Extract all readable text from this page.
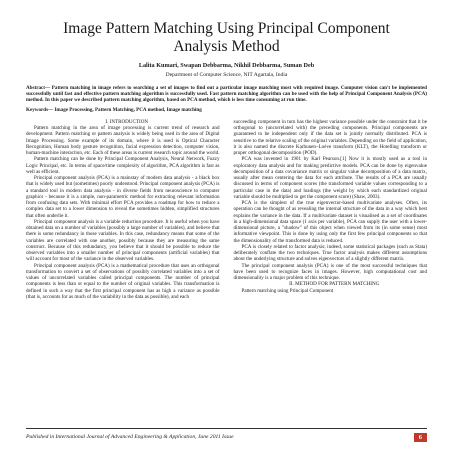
Image Pattern Matching Using Principal Component
Analysis Method
Lalita Kumari, Swapan Debbarma, Nikhil Debbarma, Suman Deb
Department of Computer Science, NIT Agartala, India
Abstract— Pattern matching in image refers to searching a set of images to find out a particular image matching most with required image. Computer vision can't be implemented successfully until fast and effective pattern matching algorithm is successfully used. Fast pattern matching algorithm can be used with the help of Principal Component Analysis (PCA) method. In this paper we described pattern matching algorithm, based on PCA method, which is less time consuming at run time.
Keywords— Image Processing, Pattern Matching, PCA method, Image matching

I. INTRODUCTION

Pattern matching in the area of image processing is current trend of research and development. Pattern matching or pattern analysis is widely being used in the area of Digital Image Processing. Some example of its domain, where it is used is Optical Character Recognition, Human body gesture recognition, facial expression detection, computer vision, human-machine interaction, etc. Each of these areas is current research topic around the world.

Pattern matching can be done by Principal Component Analysis, Neural Network, Fuzzy Logic Principal, etc. In terms of space/time complexity of algorithm, PCA algorithm is fast as well as efficient.

Principal component analysis (PCA) is a mainstay of modern data analysis - a black box that is widely used but (sometimes) poorly understood. Principal component analysis (PCA) is a standard tool in modern data analysis - in diverse fields from neuroscience to computer graphics - because it is a simple, non-parametric method for extracting relevant information from confusing data sets. With minimal effort PCA provides a roadmap for how to reduce a complex data set to a lower dimension to reveal the sometimes hidden, simplified structures that often underlie it.

Principal component analysis is a variable reduction procedure. It is useful when you have obtained data on a number of variables (possibly a large number of variables), and believe that there is some redundancy in those variables. In this case, redundancy means that some of the variables are correlated with one another, possibly because they are measuring the same construct. Because of this redundancy, you believe that it should be possible to reduce the observed variables into a smaller number of principal components (artificial variables) that will account for most of the variance in the observed variables.

Principal component analysis (PCA) is a mathematical procedure that uses an orthogonal transformation to convert a set of observations of possibly correlated variables into a set of values of uncorrelated variables called principal components. The number of principal components is less than or equal to the number of original variables. This transformation is defined in such a way that the first principal component has as high a variance as possible (that is, accounts for as much of the variability in the data as possible), and each

succeeding component in turn has the highest variance possible under the constraint that it be orthogonal to (uncorrelated with) the preceding components. Principal components are guaranteed to be independent only if the data set is jointly normally distributed. PCA is sensitive to the relative scaling of the original variables. Depending on the field of application, it is also named the discrete Karhunen–Loève transform (KLT), the Hotelling transform or proper orthogonal decomposition (POD).

PCA was invented in 1901 by Karl Pearson.[1] Now it is mostly used as a tool in exploratory data analysis and for making predictive models. PCA can be done by eigenvalue decomposition of a data covariance matrix or singular value decomposition of a data matrix, usually after mean centering the data for each attribute. The results of a PCA are usually discussed in terms of component scores (the transformed variable values corresponding to a particular case in the data) and loadings (the weight by which each standardized original variable should be multiplied to get the component score) (Shaw, 2003).

PCA is the simplest of the true eigenvector-based multivariate analyses. Often, its operation can be thought of as revealing the internal structure of the data in a way which best explains the variance in the data. If a multivariate dataset is visualised as a set of coordinates in a high-dimensional data space (1 axis per variable), PCA can supply the user with a lower-dimensional picture, a "shadow" of this object when viewed from its (in some sense) most informative viewpoint. This is done by using only the first few principal components so that the dimensionality of the transformed data is reduced.

PCA is closely related to factor analysis; indeed, some statistical packages (such as Stata) deliberately conflate the two techniques. True factor analysis makes different assumptions about the underlying structure and solves eigenvectors of a slightly different matrix.

The principal component analysis (PCA) is one of the most successful techniques that have been used to recognize faces in images. However, high computational cost and dimensionality is a major problem of this technique.

II. METHOD FOR PATTERN MATCHING

Pattern matching using Principal Component

Published in International Journal of Advanced Engineering & Application, June 2011 Issue	6
